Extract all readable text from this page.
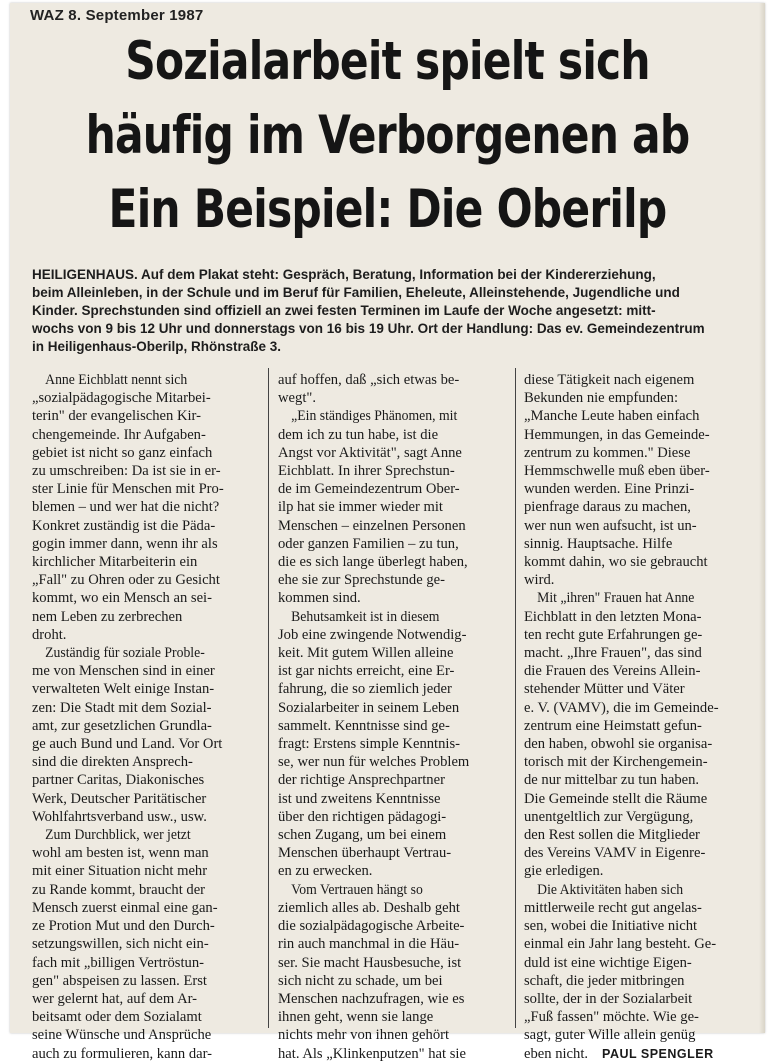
WAZ 8. September 1987
Sozialarbeit spielt sich
häufig im Verborgenen ab
Ein Beispiel: Die Oberilp
HEILIGENHAUS. Auf dem Plakat steht: Gespräch, Beratung, Information bei der Kindererziehung,
beim Alleinleben, in der Schule und im Beruf für Familien, Eheleute, Alleinstehende, Jugendliche und
Kinder. Sprechstunden sind offiziell an zwei festen Terminen im Laufe der Woche angesetzt: mitt-
wochs von 9 bis 12 Uhr und donnerstags von 16 bis 19 Uhr. Ort der Handlung: Das ev. Gemeindezentrum
in Heiligenhaus-Oberilp, Rhönstraße 3.
Anne Eichblatt nennt sich
„sozialpädagogische Mitarbei-
terin" der evangelischen Kir-
chengemeinde. Ihr Aufgaben-
gebiet ist nicht so ganz einfach
zu umschreiben: Da ist sie in er-
ster Linie für Menschen mit Pro-
blemen – und wer hat die nicht?
Konkret zuständig ist die Päda-
gogin immer dann, wenn ihr als
kirchlicher Mitarbeiterin ein
„Fall" zu Ohren oder zu Gesicht
kommt, wo ein Mensch an sei-
nem Leben zu zerbrechen
droht.
Zuständig für soziale Proble-
me von Menschen sind in einer
verwalteten Welt einige Instan-
zen: Die Stadt mit dem Sozial-
amt, zur gesetzlichen Grundla-
ge auch Bund und Land. Vor Ort
sind die direkten Ansprech-
partner Caritas, Diakonisches
Werk, Deutscher Paritätischer
Wohlfahrtsverband usw., usw.
Zum Durchblick, wer jetzt
wohl am besten ist, wenn man
mit einer Situation nicht mehr
zu Rande kommt, braucht der
Mensch zuerst einmal eine gan-
ze Protion Mut und den Durch-
setzungswillen, sich nicht ein-
fach mit „billigen Vertröstun-
gen" abspeisen zu lassen. Erst
wer gelernt hat, auf dem Ar-
beitsamt oder dem Sozialamt
seine Wünsche und Ansprüche
auch zu formulieren, kann dar-
auf hoffen, daß „sich etwas be-
wegt".
„Ein ständiges Phänomen, mit
dem ich zu tun habe, ist die
Angst vor Aktivität", sagt Anne
Eichblatt. In ihrer Sprechstun-
de im Gemeindezentrum Ober-
ilp hat sie immer wieder mit
Menschen – einzelnen Personen
oder ganzen Familien – zu tun,
die es sich lange überlegt haben,
ehe sie zur Sprechstunde ge-
kommen sind.
Behutsamkeit ist in diesem
Job eine zwingende Notwendig-
keit. Mit gutem Willen alleine
ist gar nichts erreicht, eine Er-
fahrung, die so ziemlich jeder
Sozialarbeiter in seinem Leben
sammelt. Kenntnisse sind ge-
fragt: Erstens simple Kenntnis-
se, wer nun für welches Problem
der richtige Ansprechpartner
ist und zweitens Kenntnisse
über den richtigen pädagogi-
schen Zugang, um bei einem
Menschen überhaupt Vertrau-
en zu erwecken.
Vom Vertrauen hängt so
ziemlich alles ab. Deshalb geht
die sozialpädagogische Arbeite-
rin auch manchmal in die Häu-
ser. Sie macht Hausbesuche, ist
sich nicht zu schade, um bei
Menschen nachzufragen, wie es
ihnen geht, wenn sie lange
nichts mehr von ihnen gehört
hat. Als „Klinkenputzen" hat sie
diese Tätigkeit nach eigenem
Bekunden nie empfunden:
„Manche Leute haben einfach
Hemmungen, in das Gemeinde-
zentrum zu kommen." Diese
Hemmschwelle muß eben über-
wunden werden. Eine Prinzi-
pienfrage daraus zu machen,
wer nun wen aufsucht, ist un-
sinnig. Hauptsache. Hilfe
kommt dahin, wo sie gebraucht
wird.
Mit „ihren" Frauen hat Anne
Eichblatt in den letzten Mona-
ten recht gute Erfahrungen ge-
macht. „Ihre Frauen", das sind
die Frauen des Vereins Allein-
stehender Mütter und Väter
e. V. (VAMV), die im Gemeinde-
zentrum eine Heimstatt gefun-
den haben, obwohl sie organisa-
torisch mit der Kirchengemein-
de nur mittelbar zu tun haben.
Die Gemeinde stellt die Räume
unentgeltlich zur Vergügung,
den Rest sollen die Mitglieder
des Vereins VAMV in Eigenre-
gie erledigen.
Die Aktivitäten haben sich
mittlerweile recht gut angelas-
sen, wobei die Initiative nicht
einmal ein Jahr lang besteht. Ge-
duld ist eine wichtige Eigen-
schaft, die jeder mitbringen
sollte, der in der Sozialarbeit
„Fuß fassen" möchte. Wie ge-
sagt, guter Wille allein genüg
eben nicht. PAUL SPENGLER
